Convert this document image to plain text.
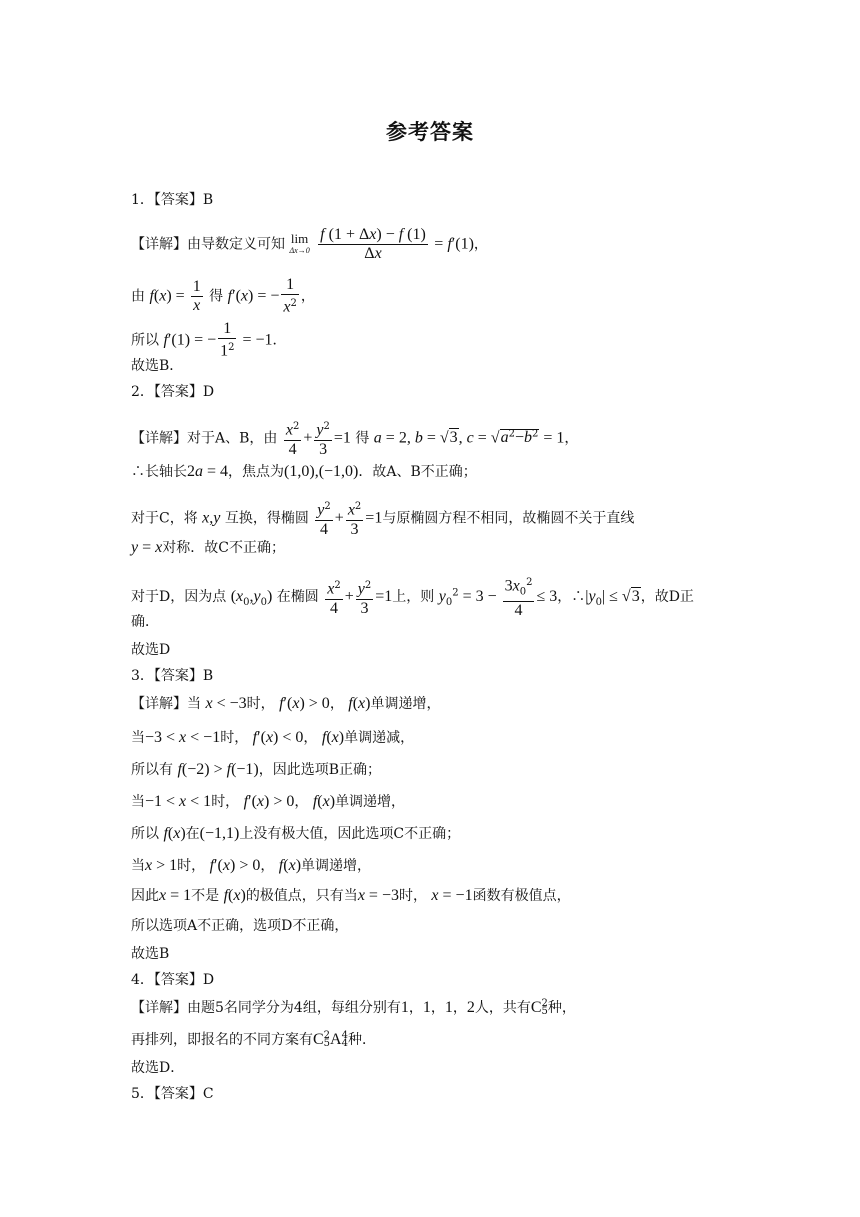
参考答案
1．【答案】B
【详解】由导数定义可知 lim
Δx→0
$\frac{f (1 + \Delta x) - f (1)}{\Delta x} = f'(1)$，
由 $f(x) = \frac{1}{x}$ 得 f′(x) = − $\frac{1}{x^2}$ ，
所以 f′(1) = − $\frac{1}{1^2} = -1$．
故选B．
2．【答案】D
【详解】对于A、B，由 $\frac{x^2}{4} + \frac{y^2}{3} =1$ 得 a = 2, b = √3, $c = √a^2-b^2 = 1$，
∴长轴长2a = 4，焦点为(1,0),(−1,0)．故A、B不正确；
对于C，将 x,y 互换，得椭圆 $\frac{y^2}{4} + \frac{x^2}{3} =1$与原椭圆方程不相同，故椭圆不关于直线
y = x对称．故C不正确；
对于D，因为点 $(x_0,y_0)$ 在椭圆 $\frac{x^2}{4} + \frac{y^2}{3} =1$上，则 $y_0^2 = 3 - \frac{3x_0^2}{4} \le 3$，$\therefore|y_0| \le √3$，故D正
确．
故选D
3．【答案】B
【详解】当 x < −3时， f′(x) > 0， f(x)单调递增，
当−3 < x < −1时， f′(x) < 0， f(x)单调递减，
所以有 f(−2) > f(−1)，因此选项B正确；
当−1 < x < 1时， f′(x) > 0， f(x)单调递增，
所以 f(x)在(−1,1)上没有极大值，因此选项C不正确；
当x > 1时， f′(x) > 0， f(x)单调递增，
因此x = 1不是 f(x)的极值点，只有当x = −3时， x = −1函数有极值点，
所以选项A不正确，选项D不正确，
故选B
4．【答案】D
【详解】由题5名同学分为4组，每组分别有1，1，1，2人，共有C 2
5 种，
再排列，即报名的不同方案有C 2
5 A 4
4 种．
故选D．
5．【答案】C
